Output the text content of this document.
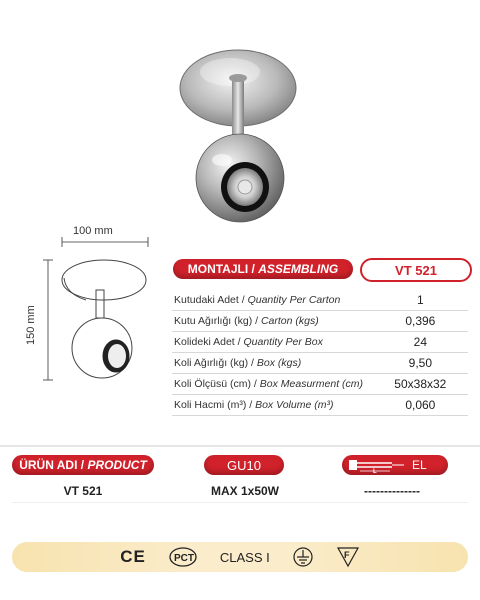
100 mm
150 mm
MONTAJLI / ASSEMBLING	VT 521
Kutudaki Adet / Quantity Per Carton	1
Kutu Ağırlığı (kg) / Carton (kgs)	0,396
Kolideki Adet / Quantity Per Box	24
Koli Ağırlığı (kg) / Box (kgs)	9,50
Koli Ölçüsü (cm) / Box Measurment (cm)	50x38x32
Koli Hacmi (m³) / Box Volume (m³)	0,060
ÜRÜN ADI / PRODUCT	GU10	L	EL
VT 521	MAX 1x50W	--------------
CE	PCT CLASS I	F
